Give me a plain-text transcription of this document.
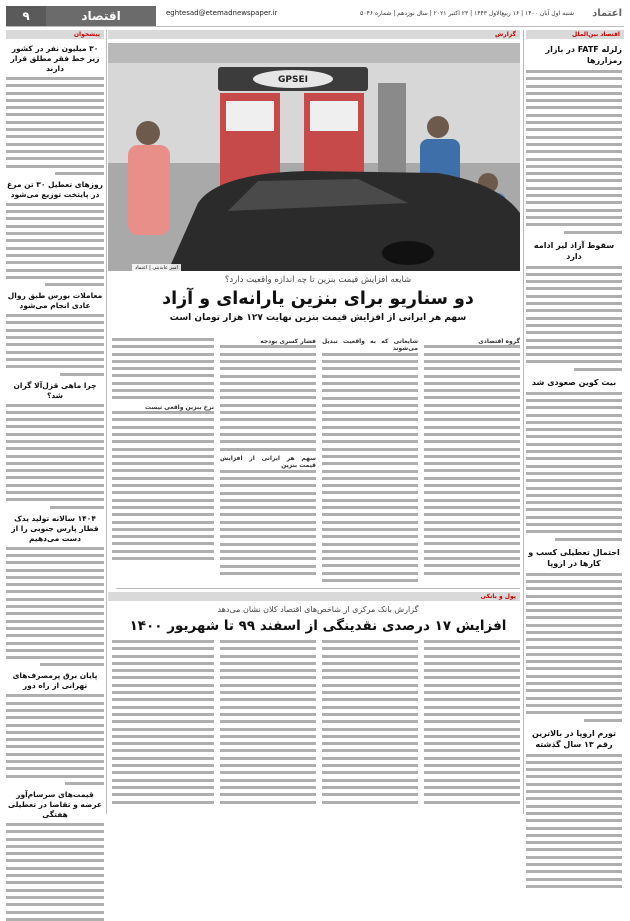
۹	اقتصاد	eghtesad@etemadnewspaper.ir	شنبه اول آبان ۱۴۰۰ | ۱۶ ربیع‌الاول ۱۴۴۳ | ۲۳ اکتبر ۲۰۲۱ | سال نوزدهم | شماره ۵۰۴۶ اعتماد
اقتصاد بین‌الملل
زلزله FATF در بازار رمزارزها
سقوط آزاد لیر ادامه دارد
بیت کوین صعودی شد
احتمال تعطیلی کسب و کارها در اروپا
تورم اروپا در بالاترین رقم ۱۳ سال گذشته
پیشخوان
۳۰ میلیون نفر در کشور زیر خط فقر مطلق قرار دارند
روزهای تعطیل ۳۰ تن مرغ در پایتخت توزیع می‌شود
معاملات بورس طبق روال عادی انجام می‌شود
چرا ماهی قزل‌آلا گران شد؟
۱۴۰۴ سالانه تولید یدک قطار پارس جنوبی را از دست می‌دهیم
پایان برق پرمصرف‌های تهرانی از راه دور
قیمت‌های سرسام‌آور عرضه و تقاضا در تعطیلی هفتگی
گزارش
GPSEI
امیر عابدینی | اعتماد
شایعه افزایش قیمت بنزین تا چه اندازه واقعیت دارد؟
دو سناریو برای بنزین یارانه‌ای و آزاد
سهم هر ایرانی از افزایش قیمت بنزین نهایت ۱۲۷ هزار تومان است
گروه اقتصادی
شایعاتی که به واقعیت تبدیل می‌شوند
فشار کسری بودجه
سهم هر ایرانی از افزایش قیمت بنزین
نرخ بنزین واقعی نیست
پول و بانکی
گزارش بانک مرکزی از شاخص‌های اقتصاد کلان نشان می‌دهد
افزایش ۱۷ درصدی نقدینگی از اسفند ۹۹ تا شهریور ۱۴۰۰
